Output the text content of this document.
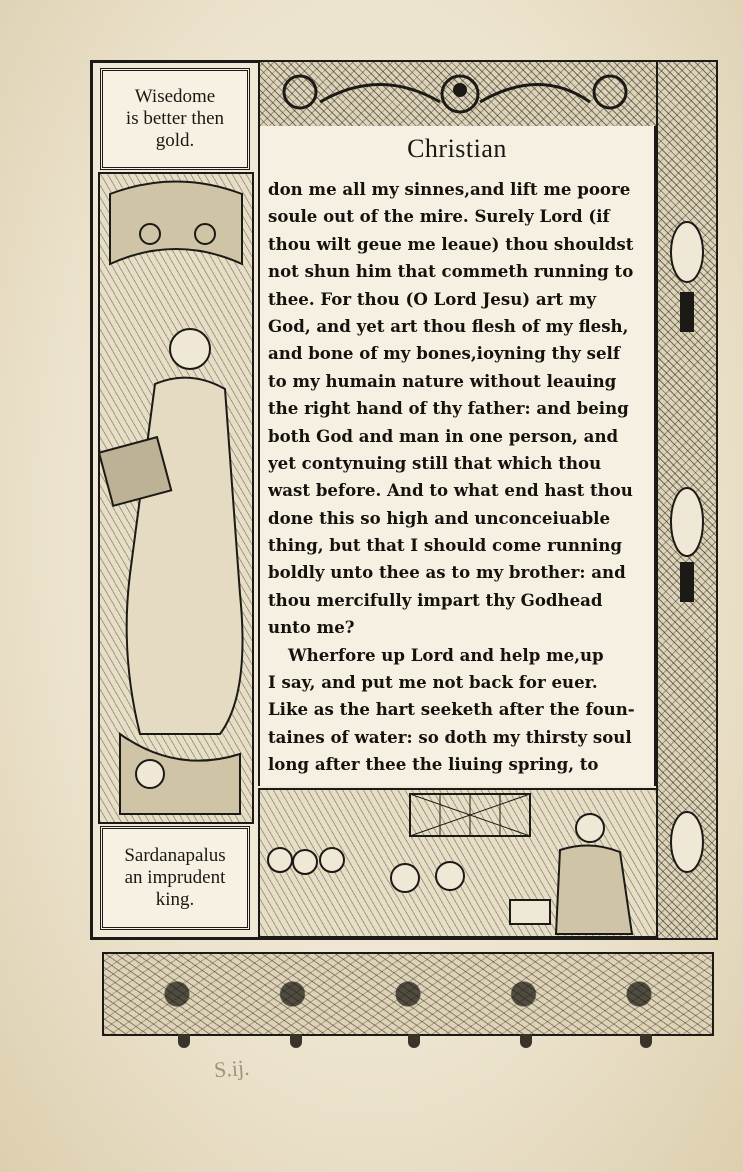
Wisedome
is better then
gold.
Sardanapalus
an imprudent
king.
Christian
don me all my sinnes,and lift me poore
soule out of the mire. Surely Lord (if
thou wilt geue me leaue) thou shouldst
not shun him that commeth running to
thee. For thou (O Lord Jesu) art my
God, and yet art thou flesh of my flesh,
and bone of my bones,ioyning thy self
to my humain nature without leauing
the right hand of thy father: and being
both God and man in one person, and
yet contynuing still that which thou
wast before. And to what end hast thou
done this so high and unconceiuable
thing, but that I should come running
boldly unto thee as to my brother: and
thou mercifully impart thy Godhead
unto me?
Wherfore up Lord and help me,up
I say, and put me not back for euer.
Like as the hart seeketh after the foun-
taines of water: so doth my thirsty soul
long after thee the liuing spring, to
S.ij.
